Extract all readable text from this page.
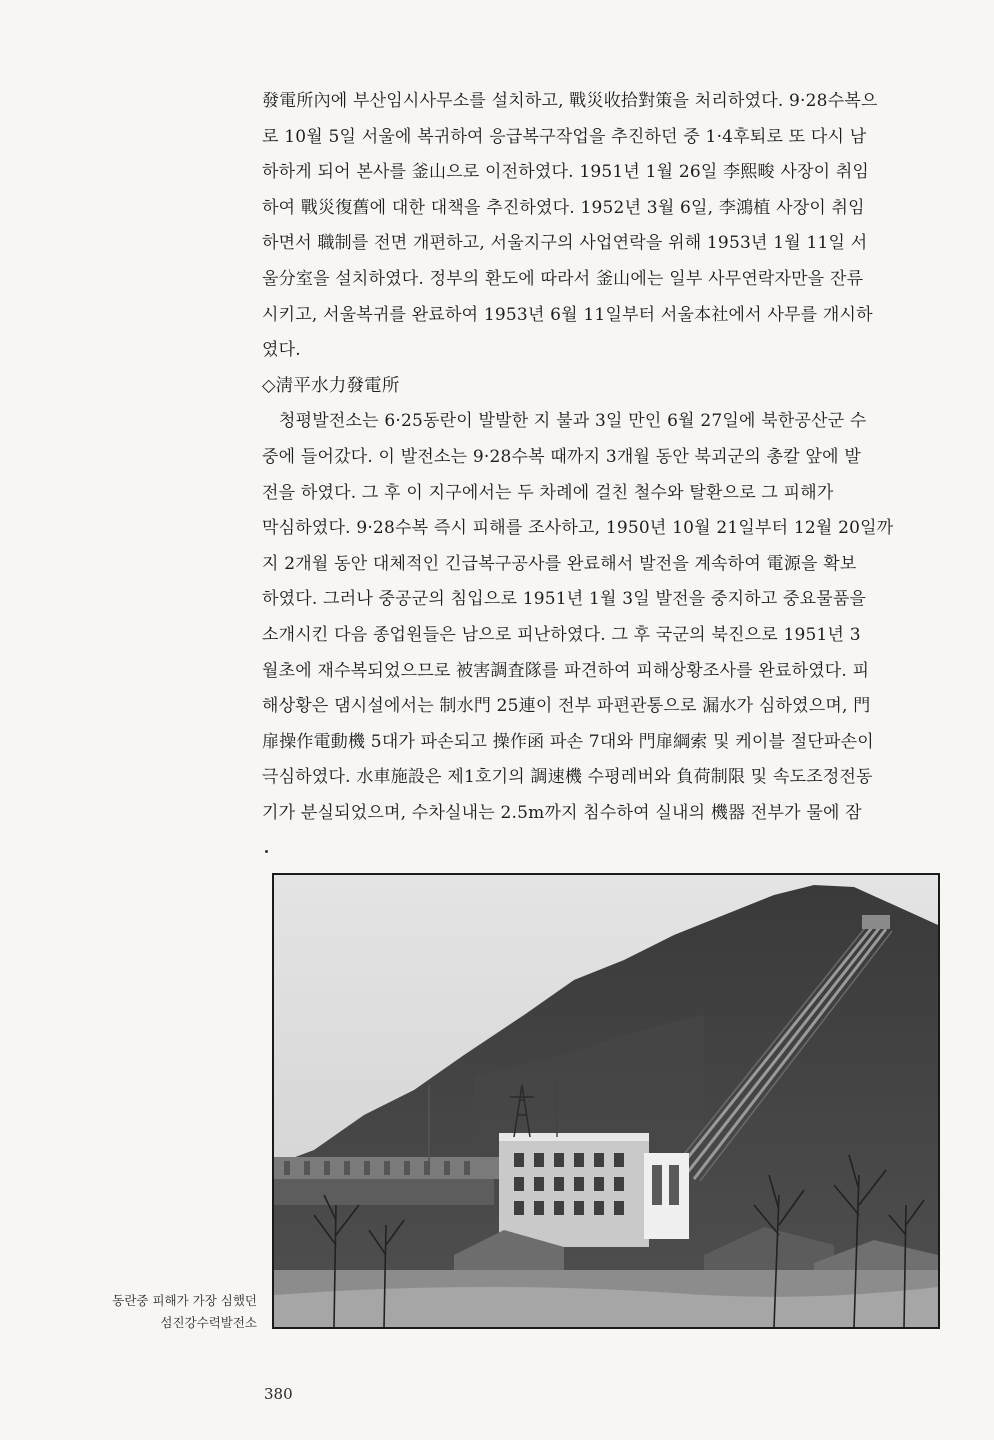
發電所內에 부산임시사무소를 설치하고, 戰災收拾對策을 처리하였다. 9·28수복으
로 10월 5일 서울에 복귀하여 응급복구작업을 추진하던 중 1·4후퇴로 또 다시 남
하하게 되어 본사를 釜山으로 이전하였다. 1951년 1월 26일 李熙畯 사장이 취임
하여 戰災復舊에 대한 대책을 추진하였다. 1952년 3월 6일, 李鴻植 사장이 취임
하면서 職制를 전면 개편하고, 서울지구의 사업연락을 위해 1953년 1월 11일 서
울分室을 설치하였다. 정부의 환도에 따라서 釜山에는 일부 사무연락자만을 잔류
시키고, 서울복귀를 완료하여 1953년 6월 11일부터 서울本社에서 사무를 개시하
였다.
◇淸平水力發電所
청평발전소는 6·25동란이 발발한 지 불과 3일 만인 6월 27일에 북한공산군 수
중에 들어갔다. 이 발전소는 9·28수복 때까지 3개월 동안 북괴군의 총칼 앞에 발
전을 하였다. 그 후 이 지구에서는 두 차례에 걸친 철수와 탈환으로 그 피해가
막심하였다. 9·28수복 즉시 피해를 조사하고, 1950년 10월 21일부터 12월 20일까
지 2개월 동안 대체적인 긴급복구공사를 완료해서 발전을 계속하여 電源을 확보
하였다. 그러나 중공군의 침입으로 1951년 1월 3일 발전을 중지하고 중요물품을
소개시킨 다음 종업원들은 남으로 피난하였다. 그 후 국군의 북진으로 1951년 3
월초에 재수복되었으므로 被害調査隊를 파견하여 피해상황조사를 완료하였다. 피
해상황은 댐시설에서는 制水門 25連이 전부 파편관통으로 漏水가 심하였으며, 門
扉操作電動機 5대가 파손되고 操作函 파손 7대와 門扉綱索 및 케이블 절단파손이
극심하였다. 水車施設은 제1호기의 調速機 수평레버와 負荷制限 및 속도조정전동
기가 분실되었으며, 수차실내는 2.5m까지 침수하여 실내의 機器 전부가 물에 잠
동란중 피해가 가장 심했던
섬진강수력발전소
380
